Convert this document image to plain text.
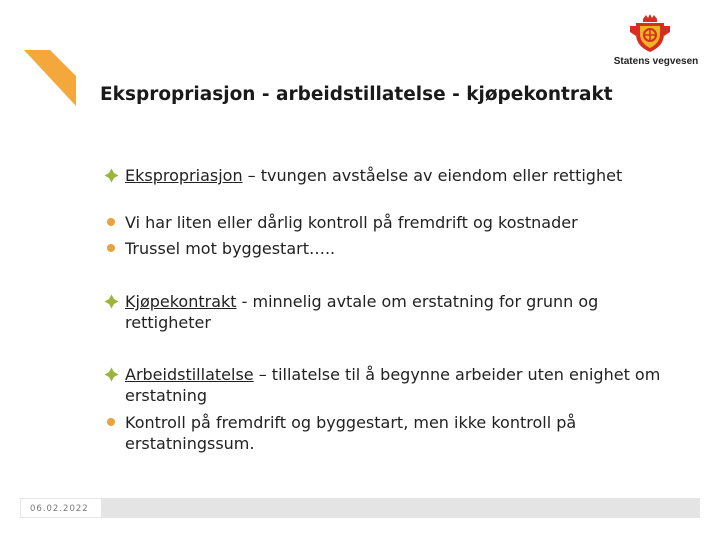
Statens vegvesen
Ekspropriasjon - arbeidstillatelse - kjøpekontrakt
Ekspropriasjon – tvungen avståelse av eiendom eller rettighet
Vi har liten eller dårlig kontroll på fremdrift og kostnader
Trussel mot byggestart…..
Kjøpekontrakt - minnelig avtale om erstatning for grunn og rettigheter
Arbeidstillatelse – tillatelse til å begynne arbeider uten enighet om erstatning
Kontroll på fremdrift og byggestart, men ikke kontroll på erstatningssum.
06.02.2022
